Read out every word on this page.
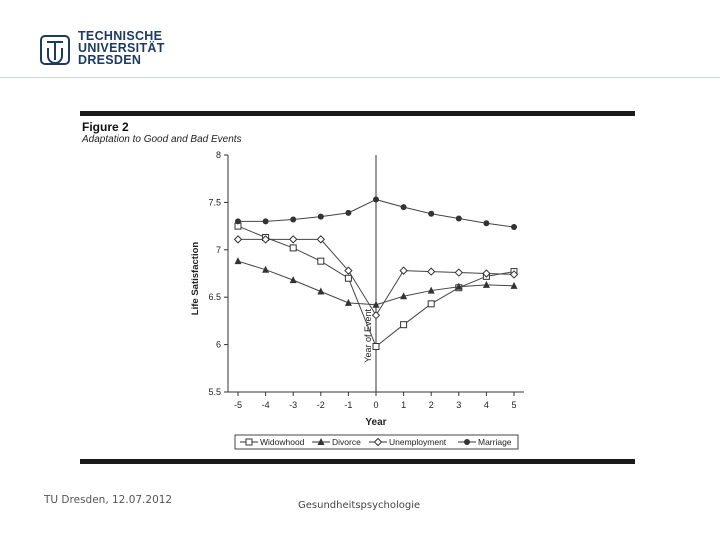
TECHNISCHE
UNIVERSITÄT
DRESDEN
Figure 2
Adaptation to Good and Bad Events
5.5
6
6.5
7
7.5
8
-5 -4 -3 -2 -1 0	1	2	3	4	5
Year
Life Satisfaction
Year of Event
Widowhood	Divorce	Unemployment	Marriage
TU Dresden, 12.07.2012	Gesundheitspsychologie
